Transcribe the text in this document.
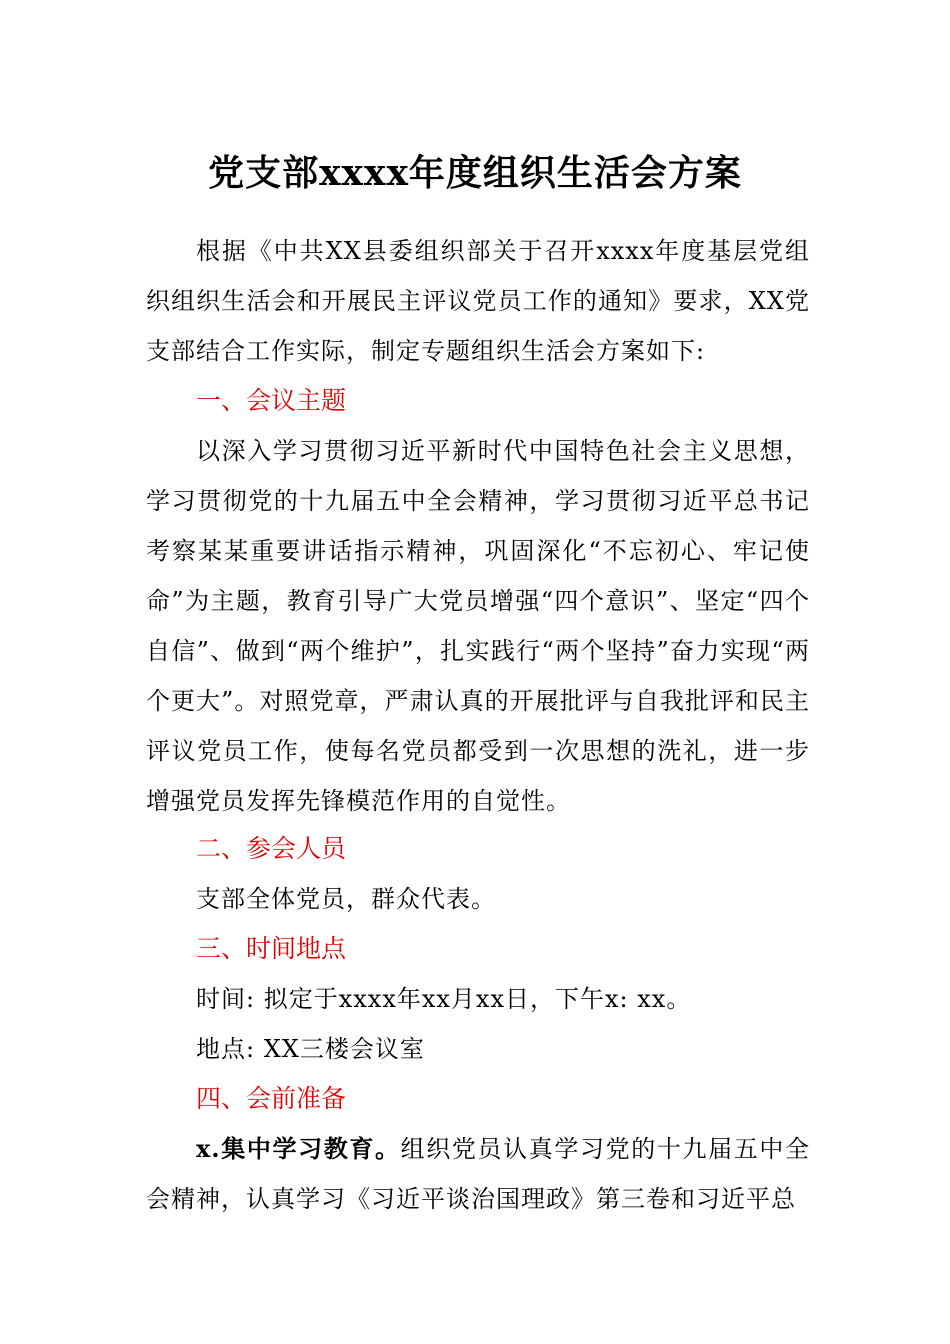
党支部xxxx年度组织生活会方案
根据《中共XX县委组织部关于召开xxxx年度基层党组织组织生活会和开展民主评议党员工作的通知》要求，XX党支部结合工作实际，制定专题组织生活会方案如下:
一、会议主题
以深入学习贯彻习近平新时代中国特色社会主义思想，学习贯彻党的十九届五中全会精神，学习贯彻习近平总书记考察某某重要讲话指示精神，巩固深化“不忘初心、牢记使命”为主题，教育引导广大党员增强“四个意识”、坚定“四个自信”、做到“两个维护”，扎实践行“两个坚持”奋力实现“两个更大”。对照党章，严肃认真的开展批评与自我批评和民主评议党员工作，使每名党员都受到一次思想的洗礼，进一步增强党员发挥先锋模范作用的自觉性。
二、参会人员
支部全体党员，群众代表。
三、时间地点
时间: 拟定于xxxx年xx月xx日，下午x: xx。
地点: XX三楼会议室
四、会前准备
x.集中学习教育。组织党员认真学习党的十九届五中全会精神，认真学习《习近平谈治国理政》第三卷和习近平总
